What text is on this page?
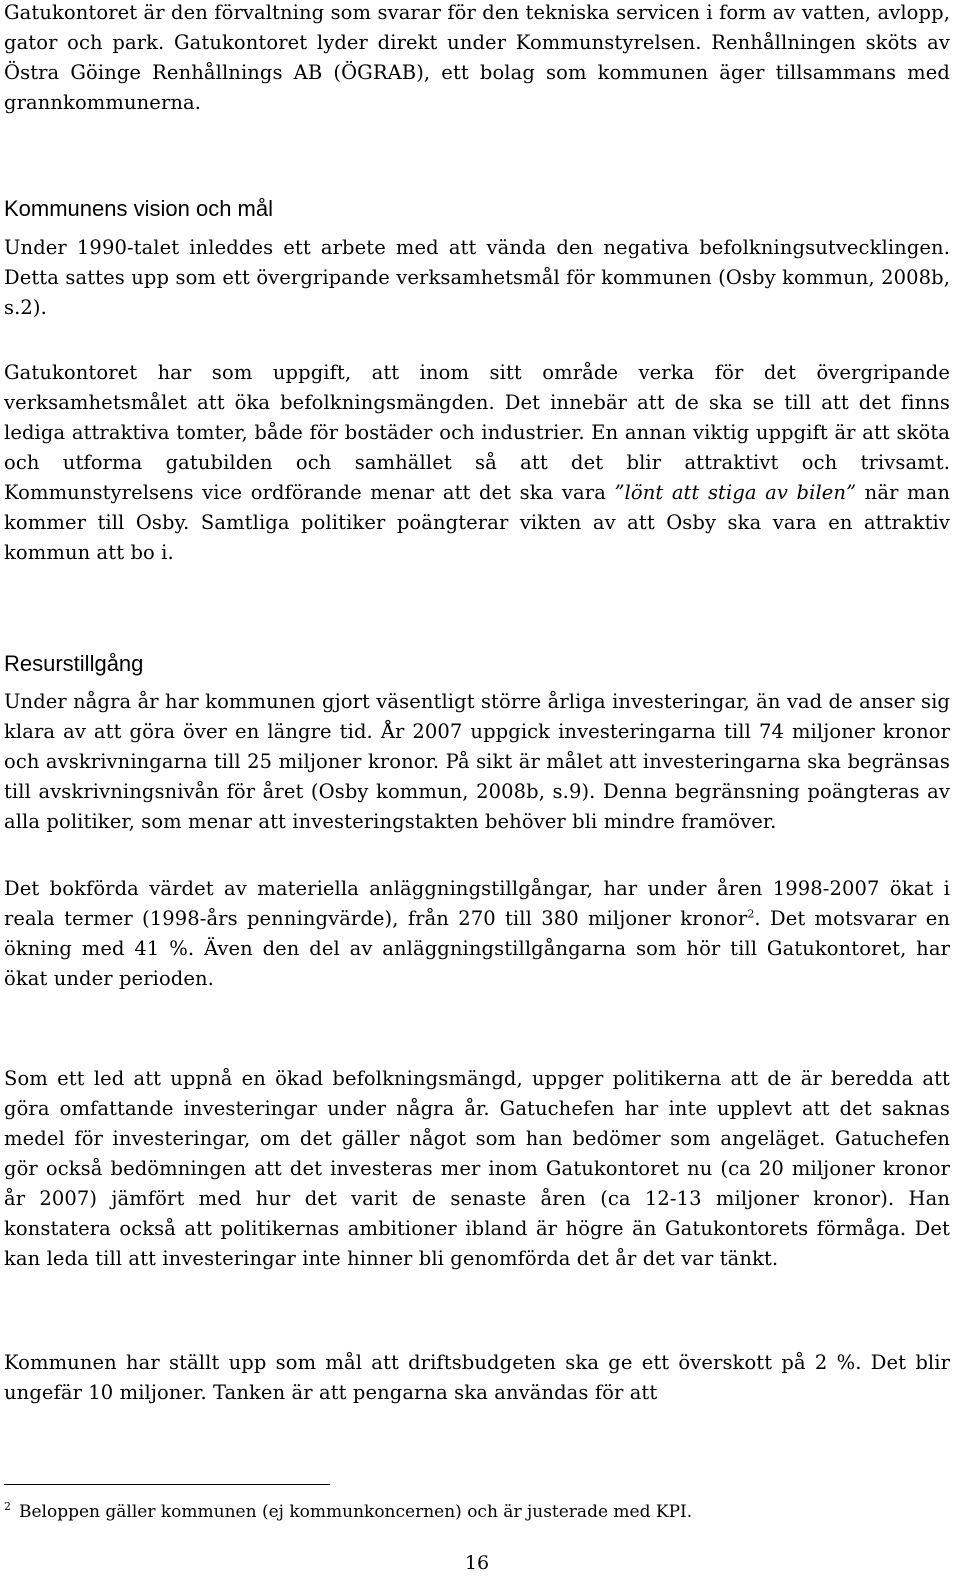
Gatukontoret är den förvaltning som svarar för den tekniska servicen i form av vatten, avlopp, gator och park. Gatukontoret lyder direkt under Kommunstyrelsen. Renhållningen sköts av Östra Göinge Renhållnings AB (ÖGRAB), ett bolag som kommunen äger tillsammans med grannkommunerna.

Kommunens vision och mål

Under 1990-talet inleddes ett arbete med att vända den negativa befolkningsutvecklingen. Detta sattes upp som ett övergripande verksamhetsmål för kommunen (Osby kommun, 2008b, s.2).

Gatukontoret har som uppgift, att inom sitt område verka för det övergripande verksamhetsmålet att öka befolkningsmängden. Det innebär att de ska se till att det finns lediga attraktiva tomter, både för bostäder och industrier. En annan viktig uppgift är att sköta och utforma gatubilden och samhället så att det blir attraktivt och trivsamt. Kommunstyrelsens vice ordförande menar att det ska vara ”lönt att stiga av bilen” när man kommer till Osby. Samtliga politiker poängterar vikten av att Osby ska vara en attraktiv kommun att bo i.

Resurstillgång

Under några år har kommunen gjort väsentligt större årliga investeringar, än vad de anser sig klara av att göra över en längre tid. År 2007 uppgick investeringarna till 74 miljoner kronor och avskrivningarna till 25 miljoner kronor. På sikt är målet att investeringarna ska begränsas till avskrivningsnivån för året (Osby kommun, 2008b, s.9). Denna begränsning poängteras av alla politiker, som menar att investeringstakten behöver bli mindre framöver.

Det bokförda värdet av materiella anläggningstillgångar, har under åren 1998-2007 ökat i reala termer (1998-års penningvärde), från 270 till 380 miljoner kronor$^2$. Det motsvarar en ökning med 41 %. Även den del av anläggningstillgångarna som hör till Gatukontoret, har ökat under perioden.

Som ett led att uppnå en ökad befolkningsmängd, uppger politikerna att de är beredda att göra omfattande investeringar under några år. Gatuchefen har inte upplevt att det saknas medel för investeringar, om det gäller något som han bedömer som angeläget. Gatuchefen gör också bedömningen att det investeras mer inom Gatukontoret nu (ca 20 miljoner kronor år 2007) jämfört med hur det varit de senaste åren (ca 12-13 miljoner kronor). Han konstatera också att politikernas ambitioner ibland är högre än Gatukontorets förmåga. Det kan leda till att investeringar inte hinner bli genomförda det år det var tänkt.

Kommunen har ställt upp som mål att driftsbudgeten ska ge ett överskott på 2 %. Det blir ungefär 10 miljoner. Tanken är att pengarna ska användas för att

$^2$ Beloppen gäller kommunen (ej kommunkoncernen) och är justerade med KPI.

16
